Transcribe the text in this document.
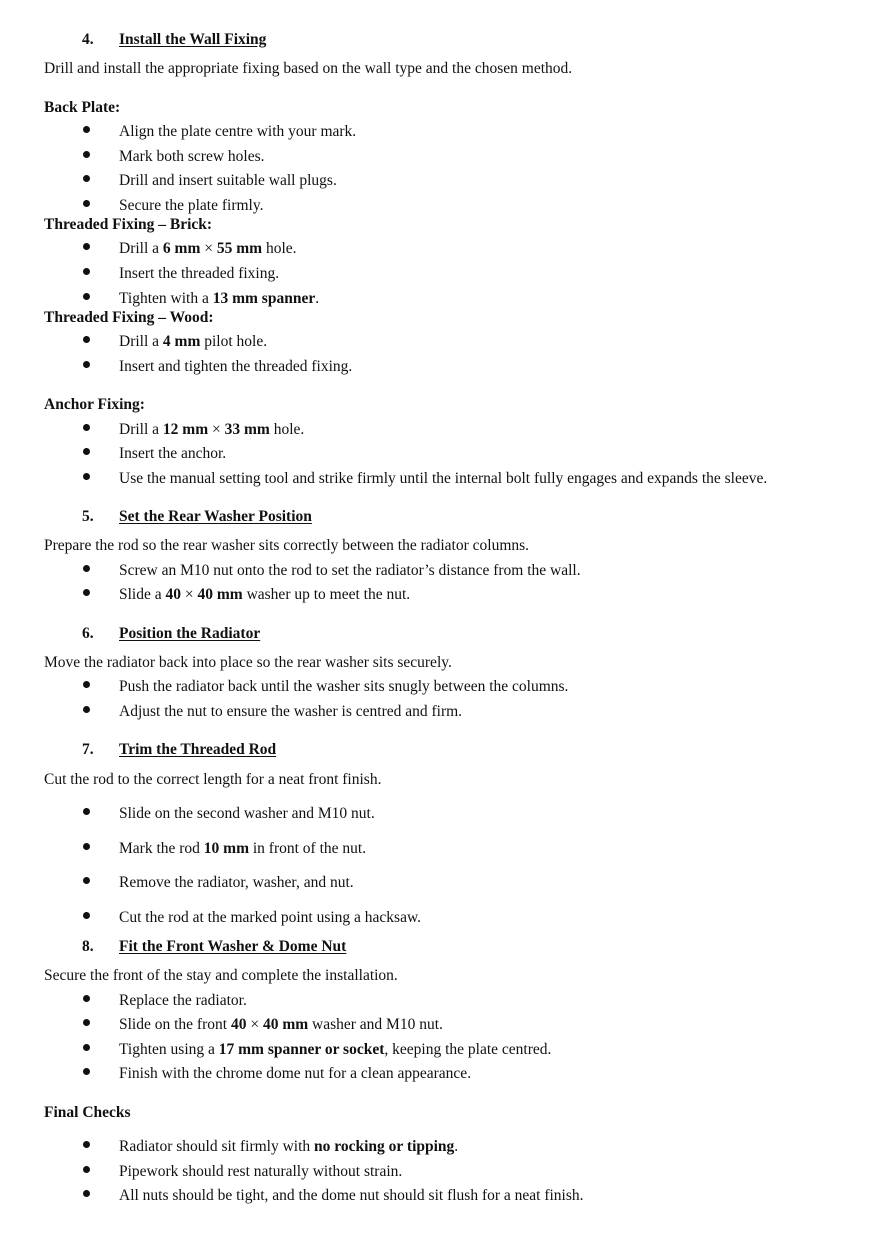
4. Install the Wall Fixing
Drill and install the appropriate fixing based on the wall type and the chosen method.
Back Plate:
Align the plate centre with your mark.
Mark both screw holes.
Drill and insert suitable wall plugs.
Secure the plate firmly.
Threaded Fixing – Brick:
Drill a 6 mm × 55 mm hole.
Insert the threaded fixing.
Tighten with a 13 mm spanner.
Threaded Fixing – Wood:
Drill a 4 mm pilot hole.
Insert and tighten the threaded fixing.
Anchor Fixing:
Drill a 12 mm × 33 mm hole.
Insert the anchor.
Use the manual setting tool and strike firmly until the internal bolt fully engages and expands the sleeve.
5. Set the Rear Washer Position
Prepare the rod so the rear washer sits correctly between the radiator columns.
Screw an M10 nut onto the rod to set the radiator’s distance from the wall.
Slide a 40 × 40 mm washer up to meet the nut.
6. Position the Radiator
Move the radiator back into place so the rear washer sits securely.
Push the radiator back until the washer sits snugly between the columns.
Adjust the nut to ensure the washer is centred and firm.
7. Trim the Threaded Rod
Cut the rod to the correct length for a neat front finish.
Slide on the second washer and M10 nut.
Mark the rod 10 mm in front of the nut.
Remove the radiator, washer, and nut.
Cut the rod at the marked point using a hacksaw.
8. Fit the Front Washer & Dome Nut
Secure the front of the stay and complete the installation.
Replace the radiator.
Slide on the front 40 × 40 mm washer and M10 nut.
Tighten using a 17 mm spanner or socket, keeping the plate centred.
Finish with the chrome dome nut for a clean appearance.
Final Checks
Radiator should sit firmly with no rocking or tipping.
Pipework should rest naturally without strain.
All nuts should be tight, and the dome nut should sit flush for a neat finish.
